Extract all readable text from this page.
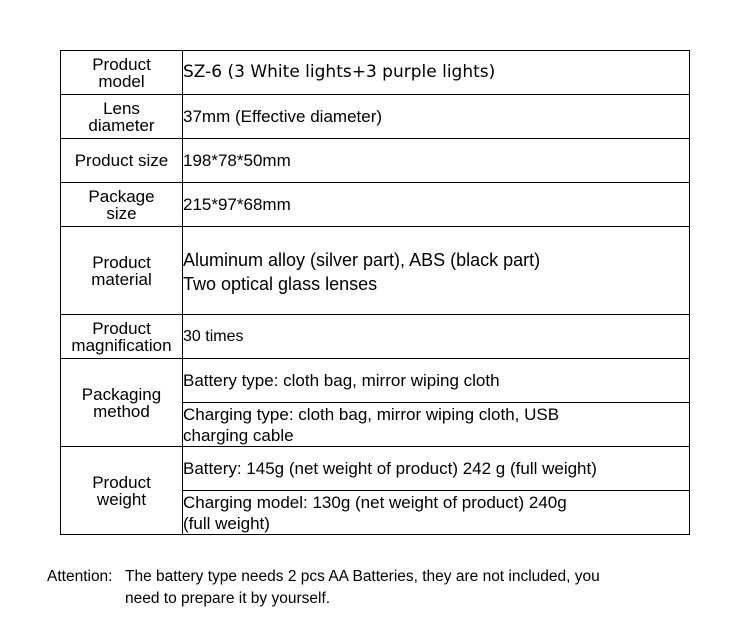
Product
model	SZ-6 (3 White lights+3 purple lights)

Lens
diameter	37mm (Effective diameter)

Product size	198*78*50mm

Package
size	215*97*68mm

Product
material	Aluminum alloy (silver part), ABS (black part)
Two optical glass lenses

Product
magnification	30 times

Packaging
method	Battery type: cloth bag, mirror wiping cloth

	Charging type: cloth bag, mirror wiping cloth, USB
charging cable

Product
weight	Battery: 145g (net weight of product) 242 g (full weight)

	Charging model: 130g (net weight of product) 240g
(full weight)
Attention: The battery type needs 2 pcs AA Batteries, they are not included, you
need to prepare it by yourself.
